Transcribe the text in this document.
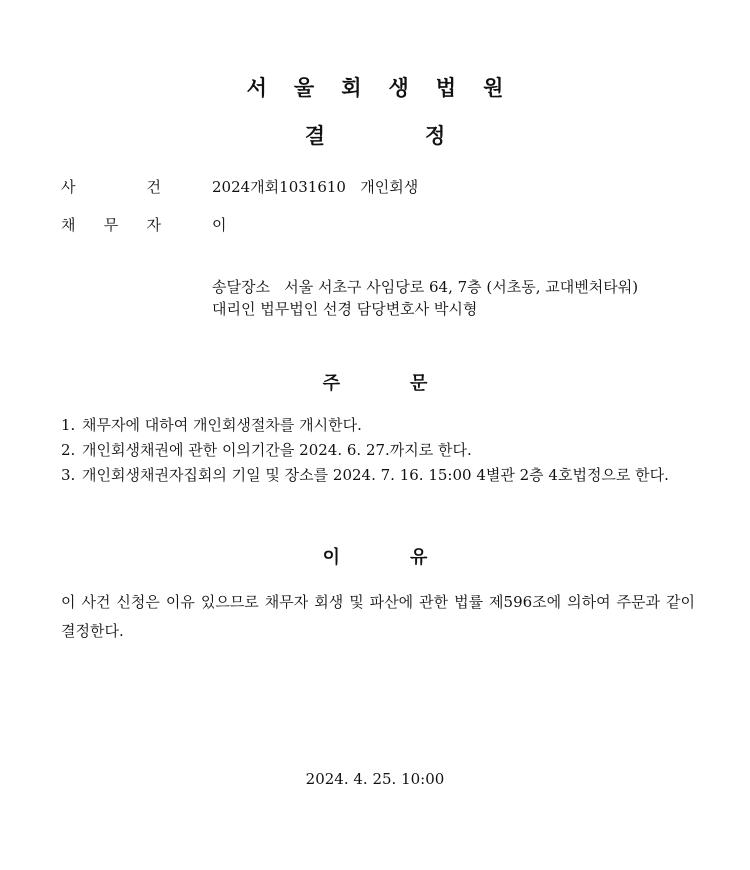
서울회생법원
결정
사	건	2024개회1031610   개인회생
채 무 자	이
송달장소   서울 서초구 사임당로 64, 7층 (서초동, 교대벤처타워)
대리인 법무법인 선경 담당변호사 박시형
주문
1. 채무자에 대하여 개인회생절차를 개시한다.
2. 개인회생채권에 관한 이의기간을 2024. 6. 27.까지로 한다.
3. 개인회생채권자집회의 기일 및 장소를 2024. 7. 16. 15:00 4별관 2층 4호법정으로 한다.
이유

이 사건 신청은 이유 있으므로 채무자 회생 및 파산에 관한 법률 제596조에 의하여 주문과 같이 결정한다.

2024. 4. 25. 10:00
